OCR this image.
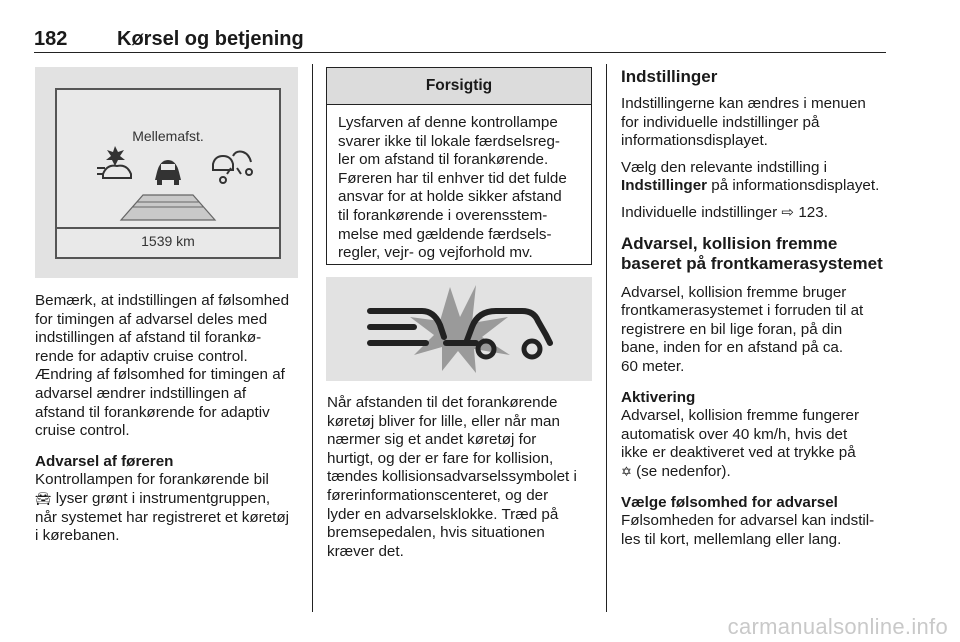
182 Kørsel og betjening
Mellemafst.
1539 km

Bemærk, at indstillingen af følsomhed
for timingen af advarsel deles med
indstillingen af afstand til forankø-
rende for adaptiv cruise control.
Ændring af følsomhed for timingen af
advarsel ændrer indstillingen af
afstand til forankørende for adaptiv
cruise control.

Advarsel af føreren
Kontrollampen for forankørende bil
🚘︎ lyser grønt i instrumentgruppen,
når systemet har registreret et køretøj
i kørebanen.

Forsigtig
Lysfarven af denne kontrollampe
svarer ikke til lokale færdselsreg-
ler om afstand til forankørende.
Føreren har til enhver tid det fulde
ansvar for at holde sikker afstand
til forankørende i overensstem-
melse med gældende færdsels-
regler, vejr- og vejforhold mv.

Når afstanden til det forankørende
køretøj bliver for lille, eller når man
nærmer sig et andet køretøj for
hurtigt, og der er fare for kollision,
tændes kollisionsadvarselssymbolet i
førerinformationscenteret, og der
lyder en advarselsklokke. Træd på
bremsepedalen, hvis situationen
kræver det.

Indstillinger

Indstillingerne kan ændres i menuen
for individuelle indstillinger på
informationsdisplayet.

Vælg den relevante indstilling i
Indstillinger på informationsdisplayet.

Individuelle indstillinger ⇨ 123.

Advarsel, kollision fremme
baseret på frontkamerasystemet

Advarsel, kollision fremme bruger
frontkamerasystemet i forruden til at
registrere en bil lige foran, på din
bane, inden for en afstand på ca.
60 meter.

Aktivering
Advarsel, kollision fremme fungerer
automatisk over 40 km/h, hvis det
ikke er deaktiveret ved at trykke på
✡︎ (se nedenfor).

Vælge følsomhed for advarsel
Følsomheden for advarsel kan indstil-
les til kort, mellemlang eller lang.

carmanualsonline.info
